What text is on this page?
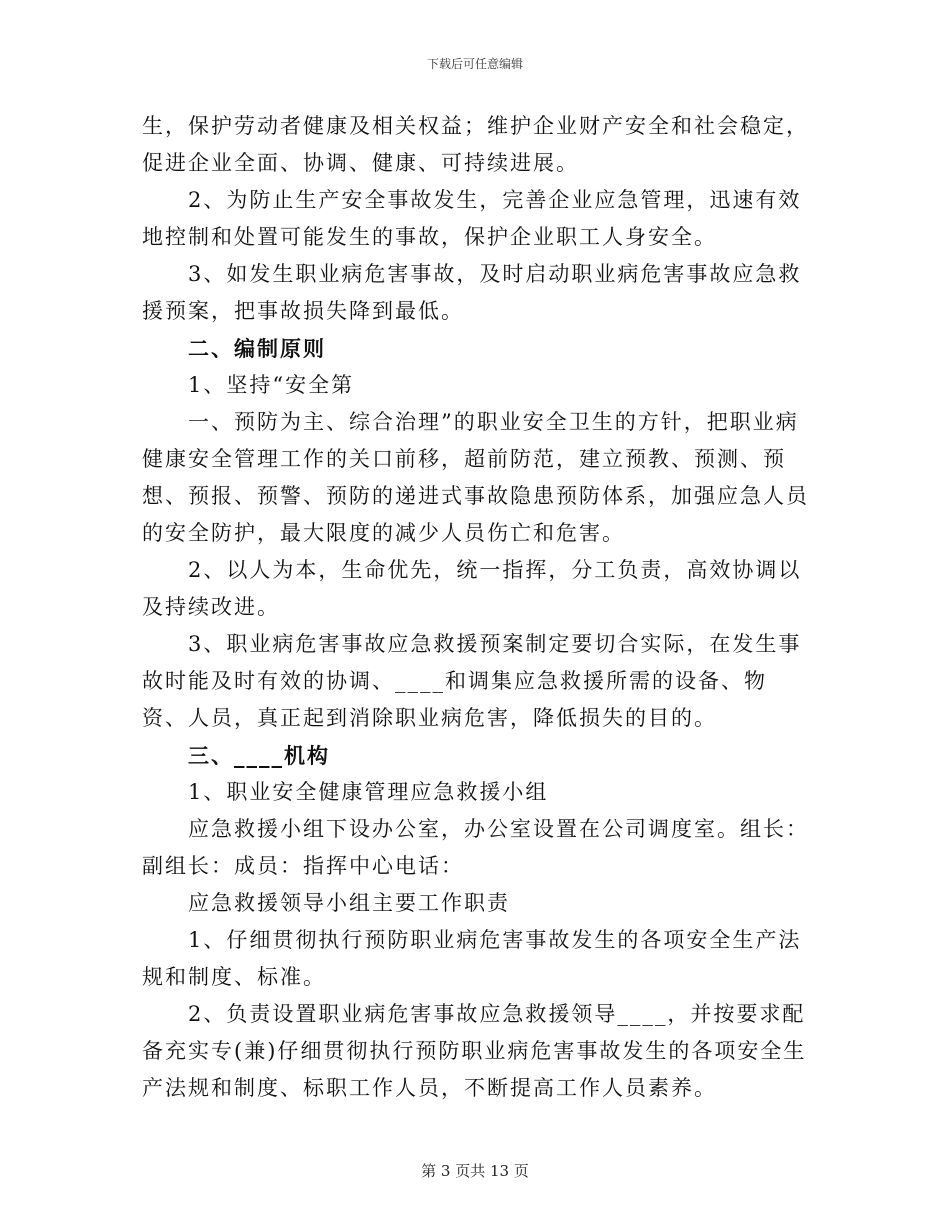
下载后可任意编辑

生，保护劳动者健康及相关权益；维护企业财产安全和社会稳定，促进企业全面、协调、健康、可持续进展。

2、为防止生产安全事故发生，完善企业应急管理，迅速有效地控制和处置可能发生的事故，保护企业职工人身安全。

3、如发生职业病危害事故，及时启动职业病危害事故应急救援预案，把事故损失降到最低。

二、编制原则

1、坚持“安全第

一、预防为主、综合治理”的职业安全卫生的方针，把职业病健康安全管理工作的关口前移，超前防范，建立预教、预测、预想、预报、预警、预防的递进式事故隐患预防体系，加强应急人员的安全防护，最大限度的减少人员伤亡和危害。

2、以人为本，生命优先，统一指挥，分工负责，高效协调以及持续改进。

3、职业病危害事故应急救援预案制定要切合实际，在发生事故时能及时有效的协调、____和调集应急救援所需的设备、物资、人员，真正起到消除职业病危害，降低损失的目的。

三、____机构

1、职业安全健康管理应急救援小组

应急救援小组下设办公室，办公室设置在公司调度室。组长：副组长：成员：指挥中心电话：

应急救援领导小组主要工作职责

1、仔细贯彻执行预防职业病危害事故发生的各项安全生产法规和制度、标准。

2、负责设置职业病危害事故应急救援领导____，并按要求配备充实专(兼)仔细贯彻执行预防职业病危害事故发生的各项安全生产法规和制度、标职工作人员，不断提高工作人员素养。

第 3 页共 13 页
